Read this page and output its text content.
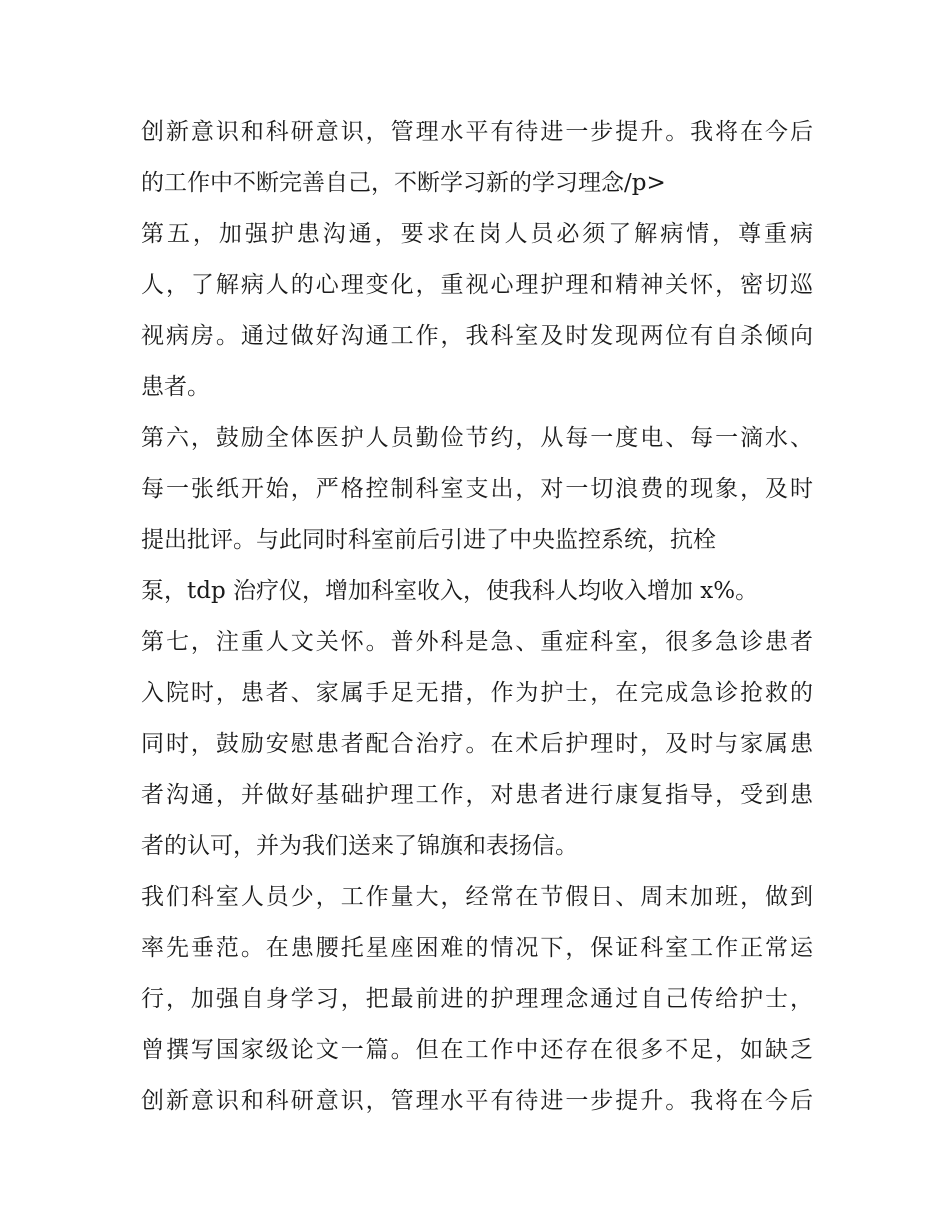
创新意识和科研意识，管理水平有待进一步提升。我将在今后
的工作中不断完善自己，不断学习新的学习理念/p>
第五，加强护患沟通，要求在岗人员必须了解病情，尊重病
人，了解病人的心理变化，重视心理护理和精神关怀，密切巡
视病房。通过做好沟通工作，我科室及时发现两位有自杀倾向
患者。
第六，鼓励全体医护人员勤俭节约，从每一度电、每一滴水、
每一张纸开始，严格控制科室支出，对一切浪费的现象，及时
提出批评。与此同时科室前后引进了中央监控系统，抗栓
泵，tdp 治疗仪，增加科室收入，使我科人均收入增加 x%。
第七，注重人文关怀。普外科是急、重症科室，很多急诊患者
入院时，患者、家属手足无措，作为护士，在完成急诊抢救的
同时，鼓励安慰患者配合治疗。在术后护理时，及时与家属患
者沟通，并做好基础护理工作，对患者进行康复指导，受到患
者的认可，并为我们送来了锦旗和表扬信。
我们科室人员少，工作量大，经常在节假日、周末加班，做到
率先垂范。在患腰托星座困难的情况下，保证科室工作正常运
行，加强自身学习，把最前进的护理理念通过自己传给护士，
曾撰写国家级论文一篇。但在工作中还存在很多不足，如缺乏
创新意识和科研意识，管理水平有待进一步提升。我将在今后
